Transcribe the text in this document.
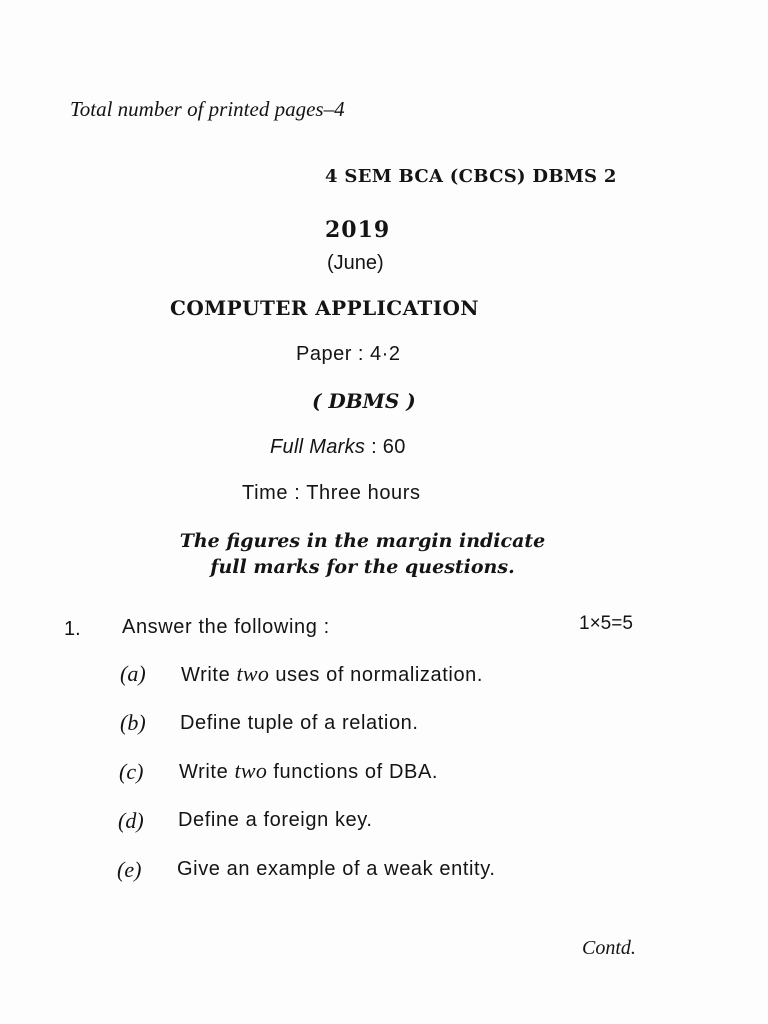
Total number of printed pages–4
4 SEM BCA (CBCS) DBMS 2
2019
(June)
COMPUTER APPLICATION
Paper : 4·2
( DBMS )
Full Marks : 60
Time : Three hours
The figures in the margin indicate
full marks for the questions.
1. Answer the following :	1×5=5
(a) Write two uses of normalization.
(b) Define tuple of a relation.
(c) Write two functions of DBA.
(d) Define a foreign key.
(e) Give an example of a weak entity.
Contd.
